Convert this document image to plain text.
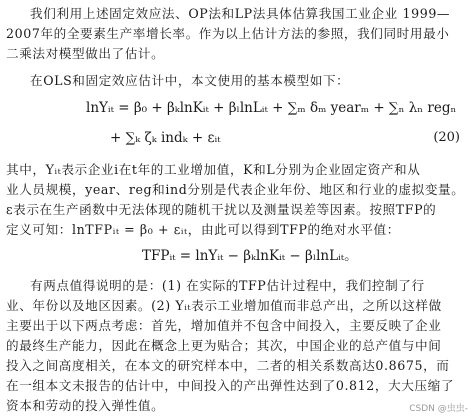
我们利用上述固定效应法、OP法和LP法具体估算我国工业企业 1999—
2007年的全要素生产率增长率。作为以上估计方法的参照，我们同时用最小
二乘法对模型做出了估计。
在OLS和固定效应估计中，本文使用的基本模型如下：
lnYᵢₜ = β₀ + βₖlnKᵢₜ + βₗlnLᵢₜ + ∑ₘ δₘ yearₘ + ∑ₙ λₙ regₙ
+ ∑ₖ ζₖ indₖ + εᵢₜ	(20)
其中，Yᵢₜ表示企业i在t年的工业增加值，K和L分别为企业固定资产和从
业人员规模，year、reg和ind分别是代表企业年份、地区和行业的虚拟变量。
ε表示在生产函数中无法体现的随机干扰以及测量误差等因素。按照TFP的
定义可知：lnTFPᵢₜ = β₀ + εᵢₜ，由此可以得到TFP的绝对水平值：
TFPᵢₜ = lnYᵢₜ − βₖlnKᵢₜ − βₗlnLᵢₜ。
有两点值得说明的是：(1) 在实际的TFP估计过程中，我们控制了行
业、年份以及地区因素。(2) Yᵢₜ表示工业增加值而非总产出，之所以这样做
主要出于以下两点考虑：首先，增加值并不包含中间投入，主要反映了企业
的最终生产能力，因此在概念上更为贴合；其次，中国企业的总产值与中间
投入之间高度相关，在本文的研究样本中，二者的相关系数高达0.8675，而
在一组本文未报告的估计中，中间投入的产出弹性达到了0.812，大大压缩了
资本和劳动的投入弹性值。	CSDN @虫虫-
